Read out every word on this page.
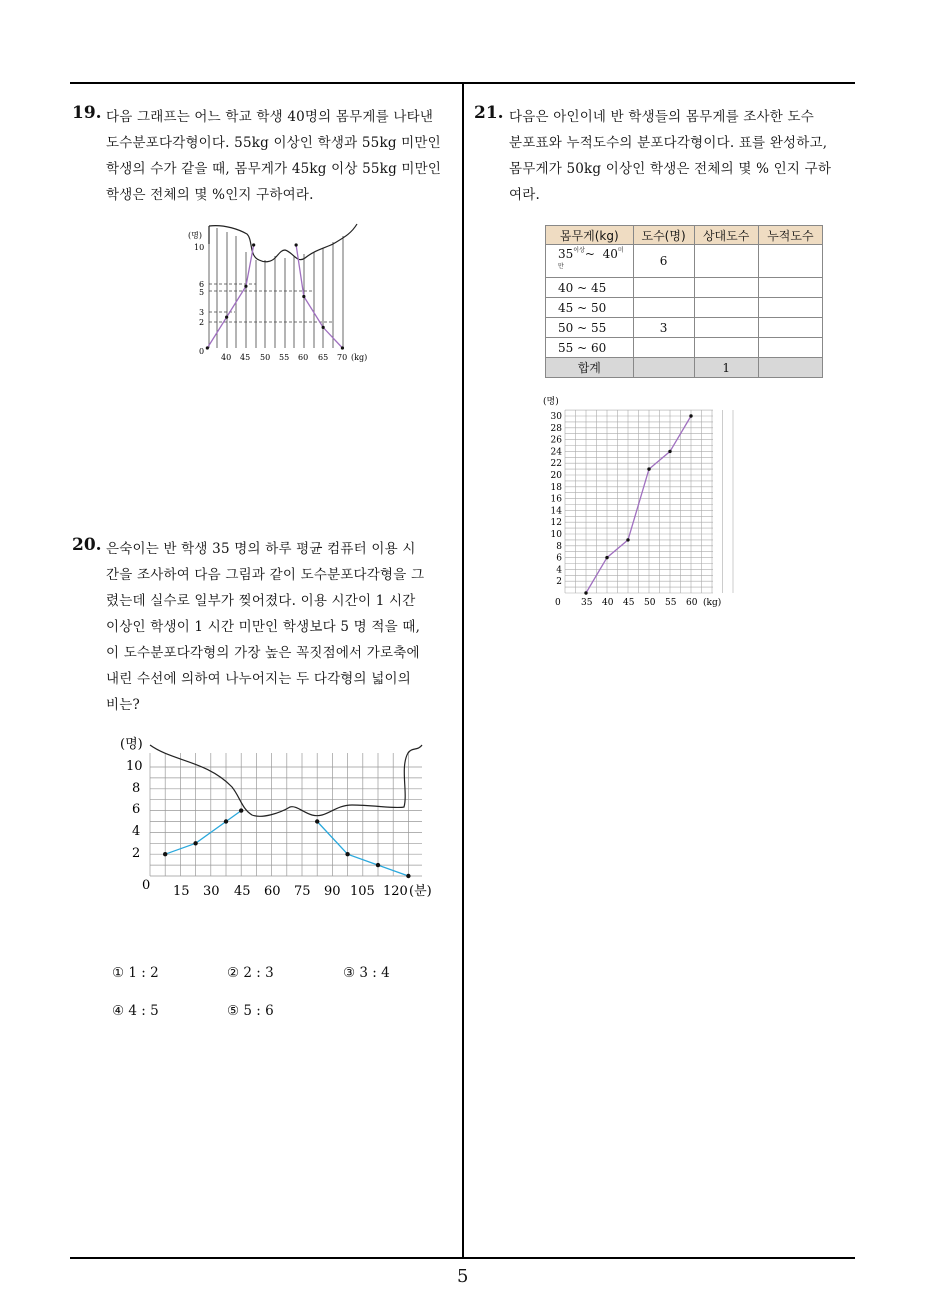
5
19. 다음 그래프는 어느 학교 학생 40명의 몸무게를 나타낸
도수분포다각형이다. 55kg 이상인 학생과 55kg 미만인
학생의 수가 같을 때, 몸무게가 45kg 이상 55kg 미만인
학생은 전체의 몇 %인지 구하여라.
(명)
10
6
5
3
2
0
40 45 50 55 60 65 70 (kg)
20. 은숙이는 반 학생 35 명의 하루 평균 컴퓨터 이용 시
간을 조사하여 다음 그림과 같이 도수분포다각형을 그
렸는데 실수로 일부가 찢어졌다. 이용 시간이 1 시간
이상인 학생이 1 시간 미만인 학생보다 5 명 적을 때,
이 도수분포다각형의 가장 높은 꼭짓점에서 가로축에
내린 수선에 의하여 나누어지는 두 다각형의 넓이의
비는?
(명)
10
8
6
4
2
0 15 30 45 60 75 90 105 120 (분)
① 1 : 2	② 2 : 3	③ 3 : 4
④ 4 : 5	⑤ 5 : 6
21. 다음은 아인이네 반 학생들의 몸무게를 조사한 도수
분포표와 누적도수의 분포다각형이다. 표를 완성하고,
몸무게가 50kg 이상인 학생은 전체의 몇 % 인지 구하
여라.
몸무게(kg)	도수(명)	상대도수	누적도수
$35^{이상}\sim$ $40^{미만}$	6		
40 ~ 45			
45 ~ 50			
50 ~ 55	3		
55 ~ 60			
합계		1	
30
28
26
24
22
20
18
16
14
12
10
8
6
4
2
(명)
0 35 40 45 50 55 60 (kg)
